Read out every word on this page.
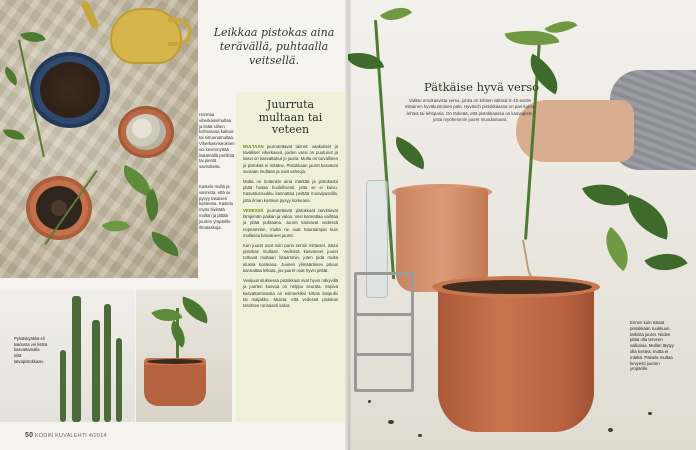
Leikkaa pistokas aina terävällä, puhtaalla veitsellä.

Hormaa viherkasvimultaa ja lisää siihen kolmasosa kaktus- tai sitruunamultaa. Viherkasviseoksen voi kevennyttää lisäämällä perliittiä tai pientä savirakeita.

Kastele multa ja varmista, että se pysyy tasaisen kosteana. Kastelu myös tiivistää mullan ja jättää juurten ympärille ilmataskuja.

Juurruta multaan tai veteen

MULTAAN juurrutettavat taimet: vaakukset ja tavalliset viherkasvit, joiden varsi on puutunut ja kasvi on kasvattanut jo juuria. Multa on turvallinen ja pistokas ei mätäne. Pistokkaan juuret kasvavat suoraan multaan ja ovat vahvoja.

Multa on kuitenkin aina märkää ja pistokasta pitää hoitaa huolellisesti, jotta se ei kuivu. Kasvatusruukku kannattaa peittää muovipussilla, jotta ilman kosteus pysyy korkeana.

VEDESSÄ juurrutettavat pistokkaat tarvitsevat lämpimän paikan ja valoa. Vesi kannattaa vaihtaa ja pitää puhtaana. Juuret kasvavat vedessä nopeammin, mutta ne ovat hauraampia kuin mullassa kasvaneet juuret.

Kun juuret ovat noin parin sentin mittaiset, istuta pistokas multaan. Vedessä kasvaneet juuret tottuvat multaan hitaammin, joten pidä multa alussa kosteana. Juurien ylimääräinen pituus kannattaa leikata, jos juuret ovat hyvin pitkät.

Vesijuurrutuksessa pistokkaat ovat hyvin näkyvillä ja juurten kasvua on helppo seurata. Sopiva kasvattamisastia on esimerkiksi kirkas lasipullo tai maljakko. Muista, että vedessä pistokas tarvitsee runsaasti valoa.

Pylväskyäkkä eli kaktusta voi lisätä kasvattamalla siitä latvapistokkaan.
50 KODIN KUVALEHTI 4/2014
Pätkäise hyvä verso
Valitse emokasvista verso, jonka on lehtien välissä 3–10 sentin mittainen hyväkuntoinen pala. Hyväsch pistokkaassa on pari-kolme lehteä tai lehtiparia. On tärkeää, että pistokkaassa on kasvupiste, josta myöhemmin juuret muodostuvat.
Ennen kuin istutat pistokkaan ruukkuun, tarkista juuret. Niiden pitää olla terveen valkoisia. Mullan täytyy olla kostea, mutta ei märkä. Painele multaa kevyesti juurien ympärille.
